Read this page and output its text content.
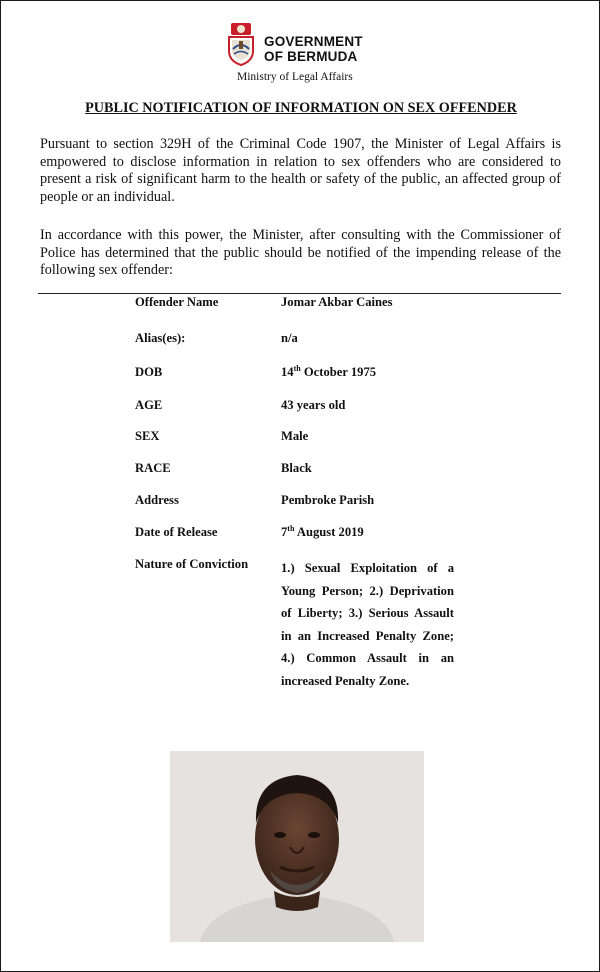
GOVERNMENT
OF BERMUDA
Ministry of Legal Affairs
PUBLIC NOTIFICATION OF INFORMATION ON SEX OFFENDER

Pursuant to section 329H of the Criminal Code 1907, the Minister of Legal Affairs is empowered to disclose information in relation to sex offenders who are considered to present a risk of significant harm to the health or safety of the public, an affected group of people or an individual.

In accordance with this power, the Minister, after consulting with the Commissioner of Police has determined that the public should be notified of the impending release of the following sex offender:

Offender Name	Jomar Akbar Caines
Alias(es):	n/a
DOB	14th October 1975
AGE	43 years old
SEX	Male
RACE	Black
Address	Pembroke Parish
Date of Release	7th August 2019
Nature of Conviction	1.) Sexual Exploitation of a Young Person; 2.) Deprivation of Liberty; 3.) Serious Assault in an Increased Penalty Zone; 4.) Common Assault in an increased Penalty Zone.
